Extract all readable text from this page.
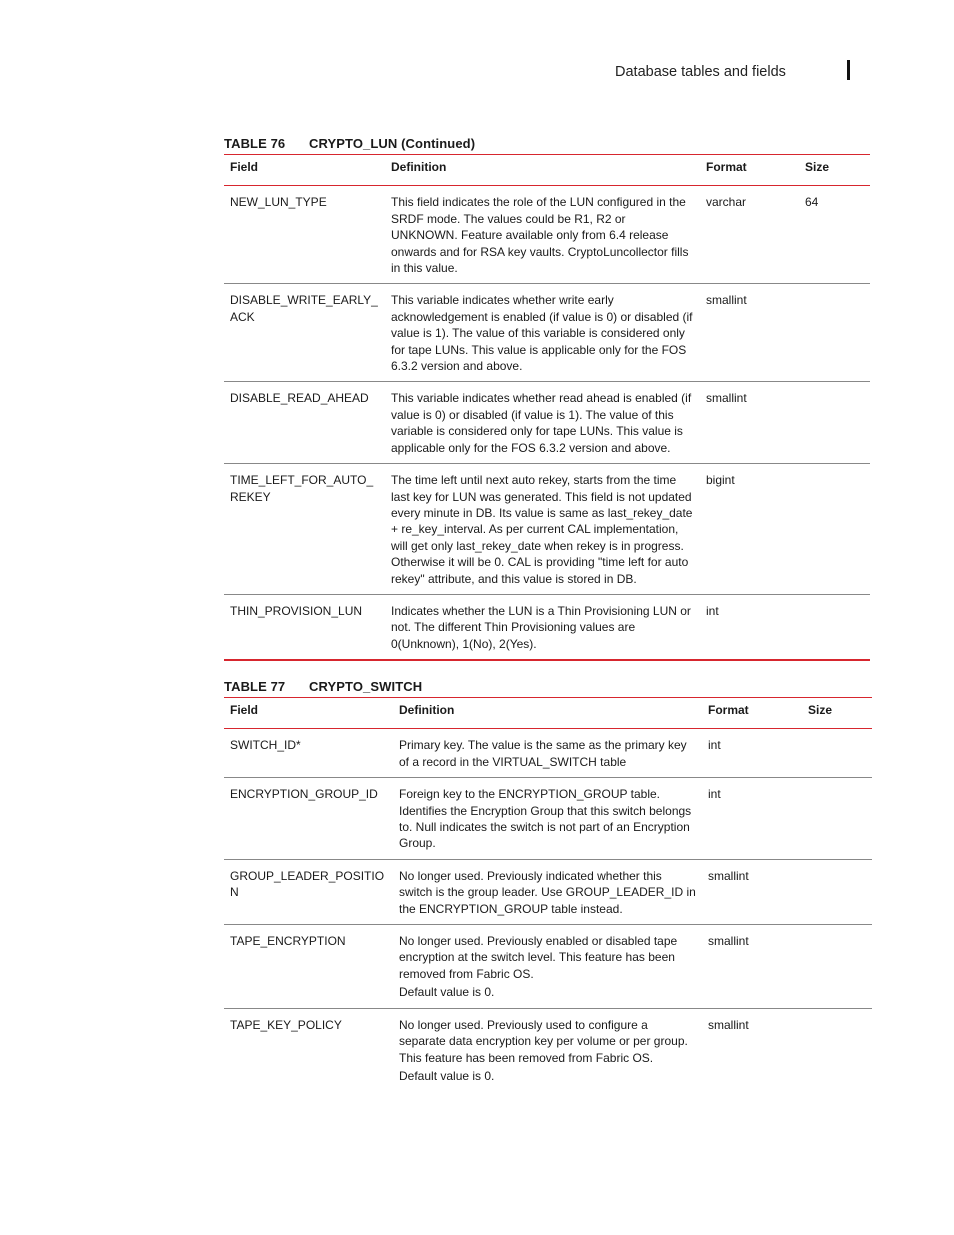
Database tables and fields
TABLE 76 CRYPTO_LUN (Continued)
Field	Definition	Format	Size
NEW_LUN_TYPE	This field indicates the role of the LUN configured in the SRDF mode. The values could be R1, R2 or UNKNOWN. Feature available only from 6.4 release onwards and for RSA key vaults. CryptoLuncollector fills in this value.	varchar	64
DISABLE_WRITE_EARLY_ACK	This variable indicates whether write early acknowledgement is enabled (if value is 0) or disabled (if value is 1). The value of this variable is considered only for tape LUNs. This value is applicable only for the FOS 6.3.2 version and above.	smallint	
DISABLE_READ_AHEAD	This variable indicates whether read ahead is enabled (if value is 0) or disabled (if value is 1). The value of this variable is considered only for tape LUNs. This value is applicable only for the FOS 6.3.2 version and above.	smallint	
TIME_LEFT_FOR_AUTO_REKEY	The time left until next auto rekey, starts from the time last key for LUN was generated. This field is not updated every minute in DB. Its value is same as last_rekey_date + re_key_interval. As per current CAL implementation, will get only last_rekey_date when rekey is in progress. Otherwise it will be 0. CAL is providing "time left for auto rekey" attribute, and this value is stored in DB.	bigint	
THIN_PROVISION_LUN	Indicates whether the LUN is a Thin Provisioning LUN or not. The different Thin Provisioning values are 0(Unknown), 1(No), 2(Yes).	int	
TABLE 77 CRYPTO_SWITCH
Field	Definition	Format	Size
SWITCH_ID*	Primary key. The value is the same as the primary key of a record in the VIRTUAL_SWITCH table	int	
ENCRYPTION_GROUP_ID	Foreign key to the ENCRYPTION_GROUP table. Identifies the Encryption Group that this switch belongs to. Null indicates the switch is not part of an Encryption Group.	int	
GROUP_LEADER_POSITION	No longer used. Previously indicated whether this switch is the group leader. Use GROUP_LEADER_ID in the ENCRYPTION_GROUP table instead.	smallint	
TAPE_ENCRYPTION	No longer used. Previously enabled or disabled tape encryption at the switch level. This feature has been removed from Fabric OS.

Default value is 0.	smallint	
TAPE_KEY_POLICY	No longer used. Previously used to configure a separate data encryption key per volume or per group. This feature has been removed from Fabric OS.

Default value is 0.	smallint	
